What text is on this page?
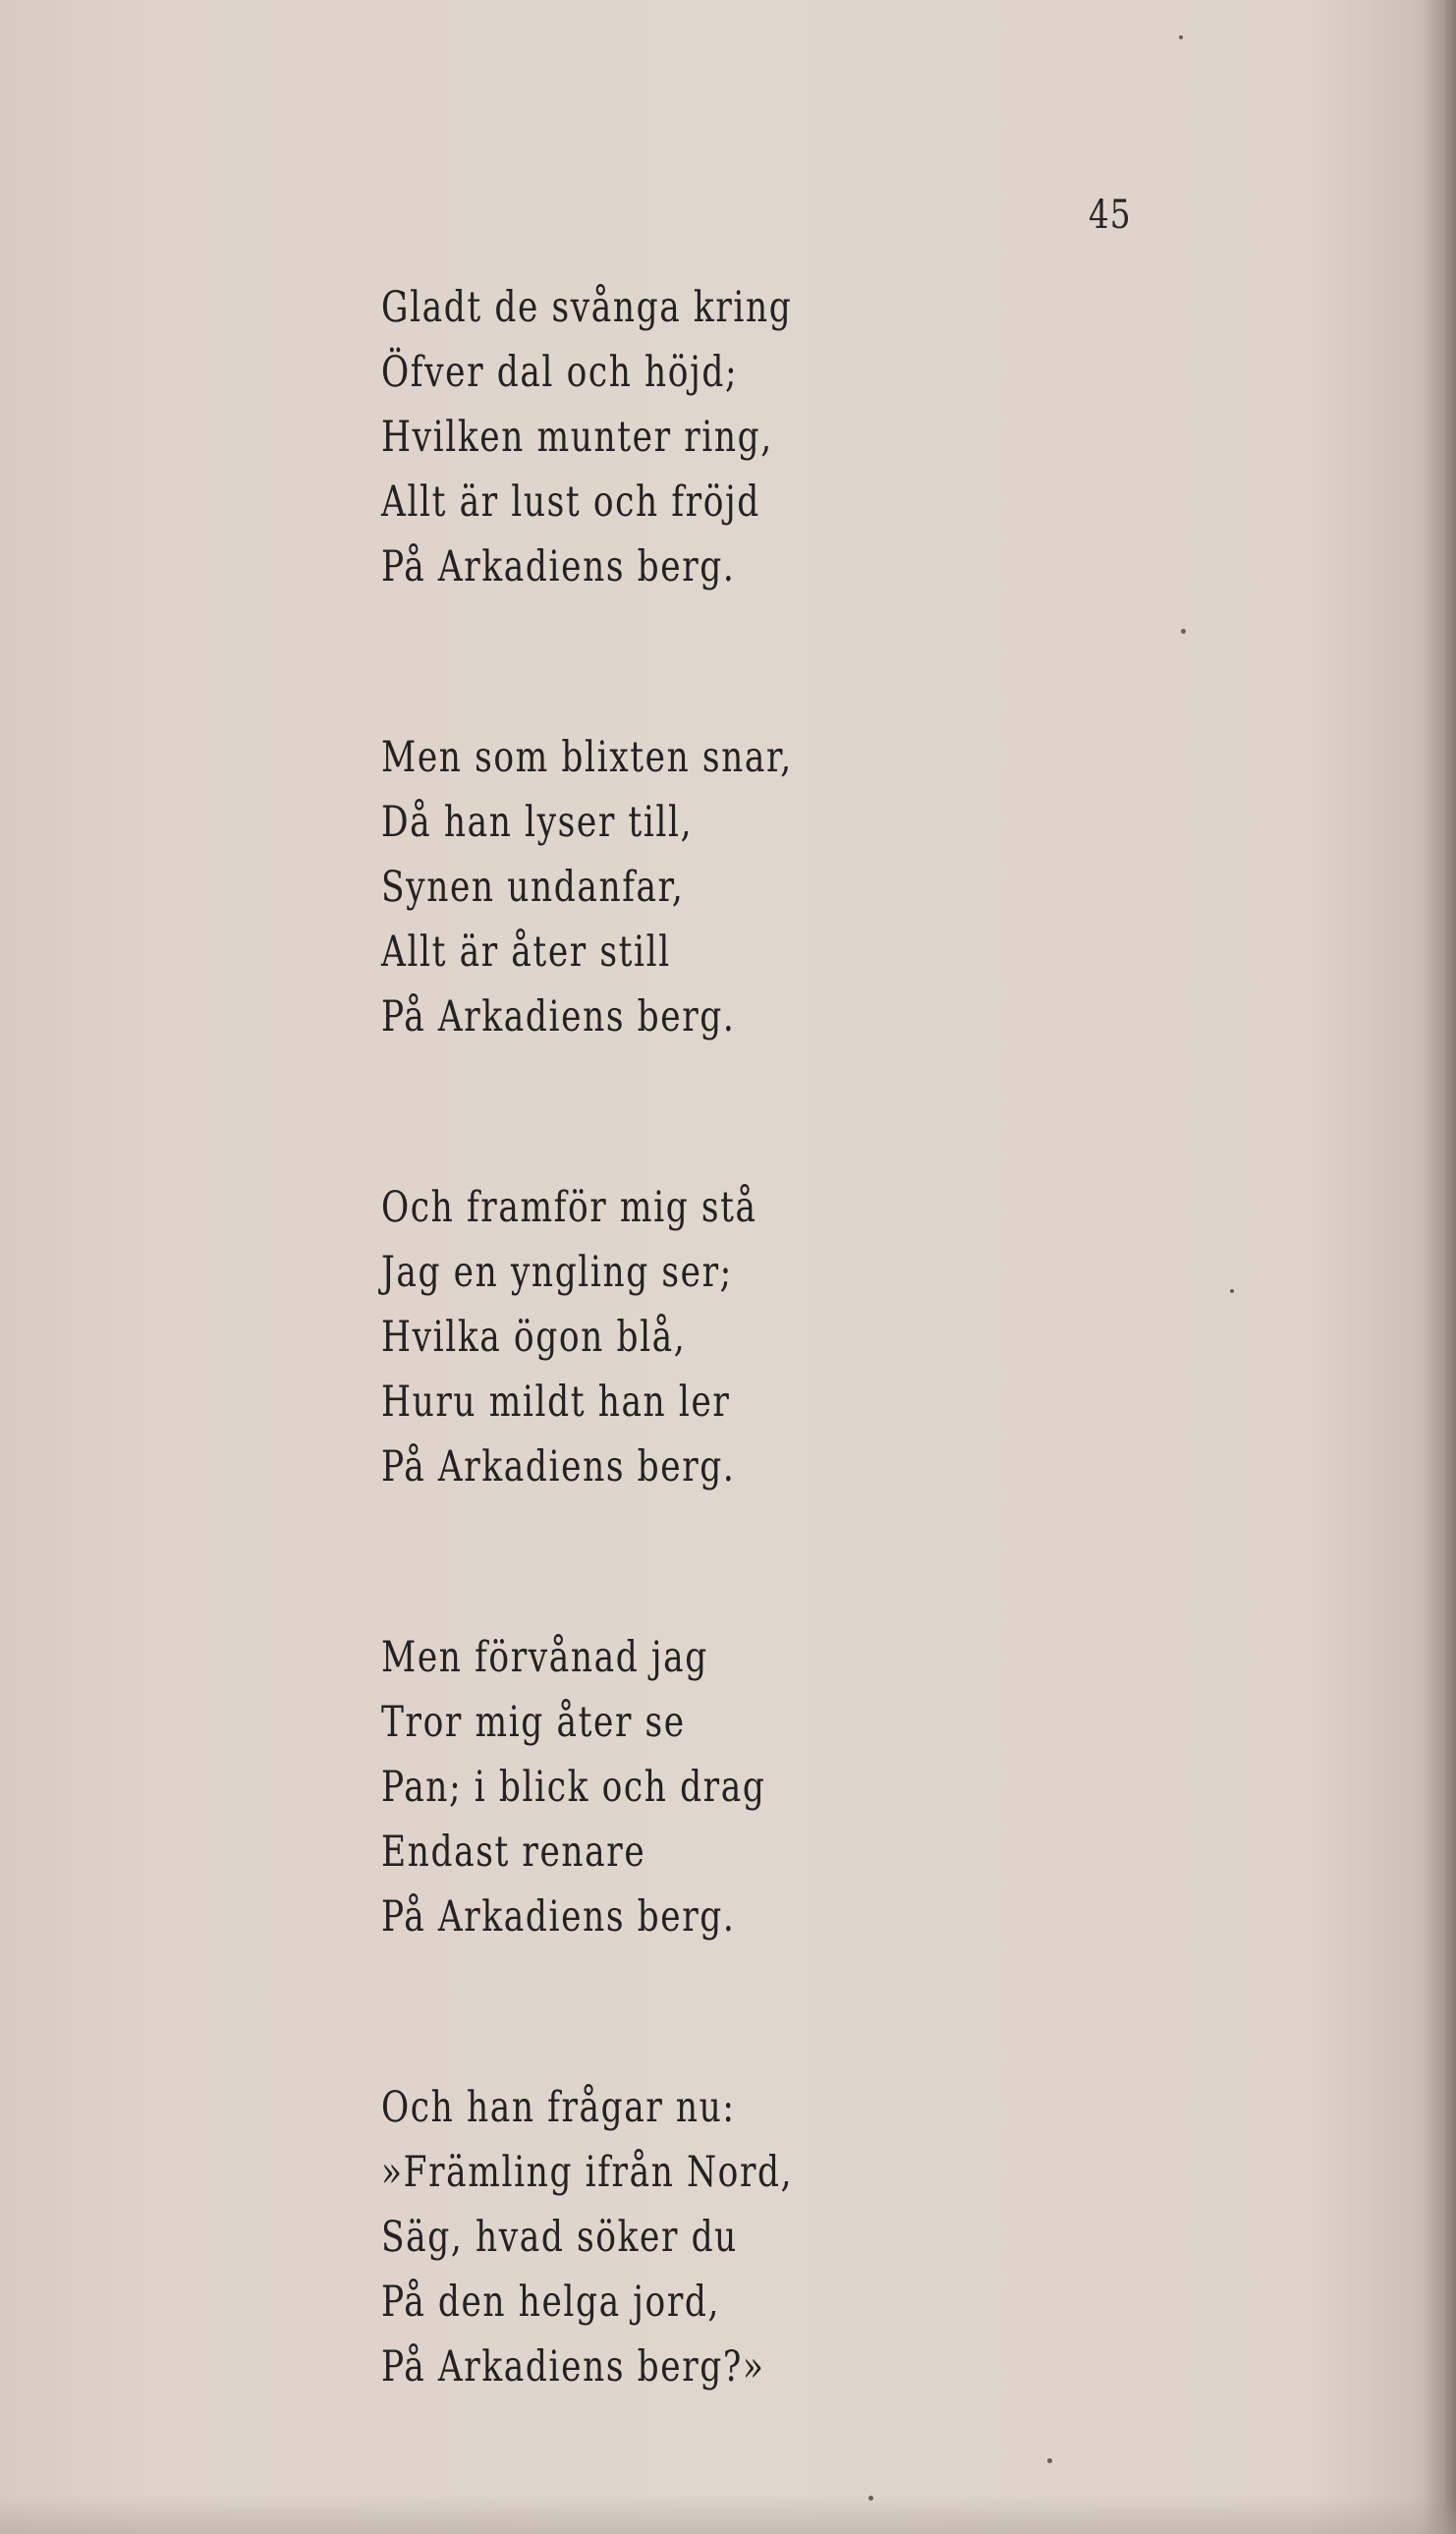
45
Gladt de svånga kring
Öfver dal och höjd;
Hvilken munter ring,
Allt är lust och fröjd
På Arkadiens berg.
Men som blixten snar,
Då han lyser till,
Synen undanfar,
Allt är åter still
På Arkadiens berg.
Och framför mig stå
Jag en yngling ser;
Hvilka ögon blå,
Huru mildt han ler
På Arkadiens berg.
Men förvånad jag
Tror mig åter se
Pan; i blick och drag
Endast renare
På Arkadiens berg.
Och han frågar nu:
»Främling ifrån Nord,
Säg, hvad söker du
På den helga jord,
På Arkadiens berg?»
